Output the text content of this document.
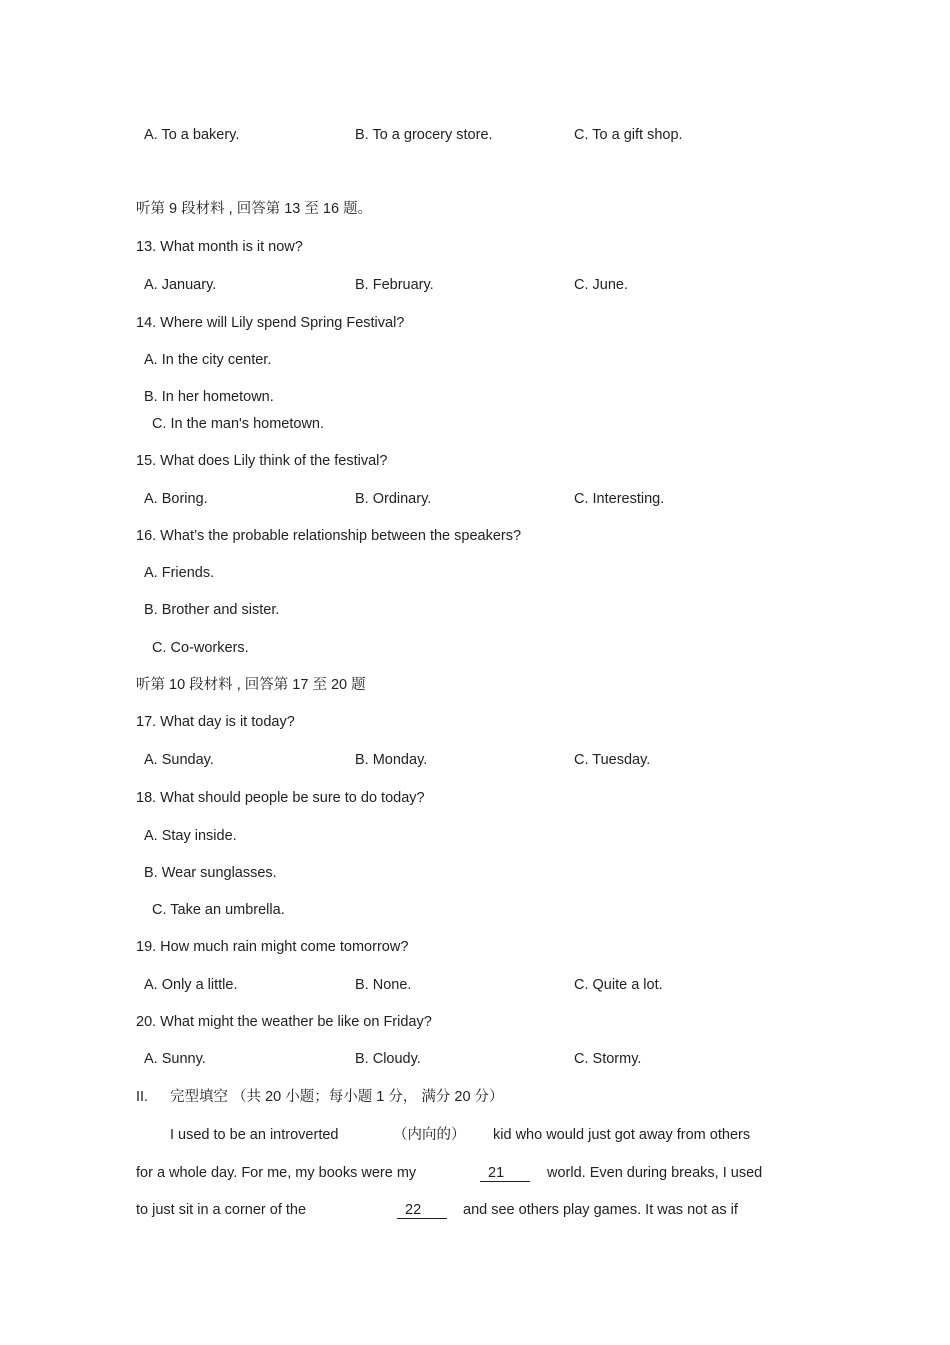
A. To a bakery.	B. To a grocery store.	C. To a gift shop.
听第 9 段材料 , 回答第 13 至 16 题。
13. What month is it now?
A. January.	B. February.	C. June.
14. Where will Lily spend Spring Festival?
A. In the city center.
B. In her hometown.
C. In the man's hometown.
15. What does Lily think of the festival?
A. Boring.	B. Ordinary.	C. Interesting.
16. What’s the probable relationship between the speakers?
A. Friends.
B. Brother and sister.
C. Co-workers.
听第 10 段材料 , 回答第 17 至 20 题
17. What day is it today?
A. Sunday.	B. Monday.	C. Tuesday.
18. What should people be sure to do today?
A. Stay inside.
B. Wear sunglasses.
C. Take an umbrella.
19. How much rain might come tomorrow?
A. Only a little.	B. None.	C. Quite a lot.
20. What might the weather be like on Friday?
A. Sunny.	B. Cloudy.	C. Stormy.
II. 完型填空 （共 20 小题；每小题 1 分， 满分 20 分）
I used to be an introverted	（内向的） kid who would just got away from others
for a whole day. For me, my books were my	21	world. Even during breaks, I used
to just sit in a corner of the	22	and see others play games. It was not as if
